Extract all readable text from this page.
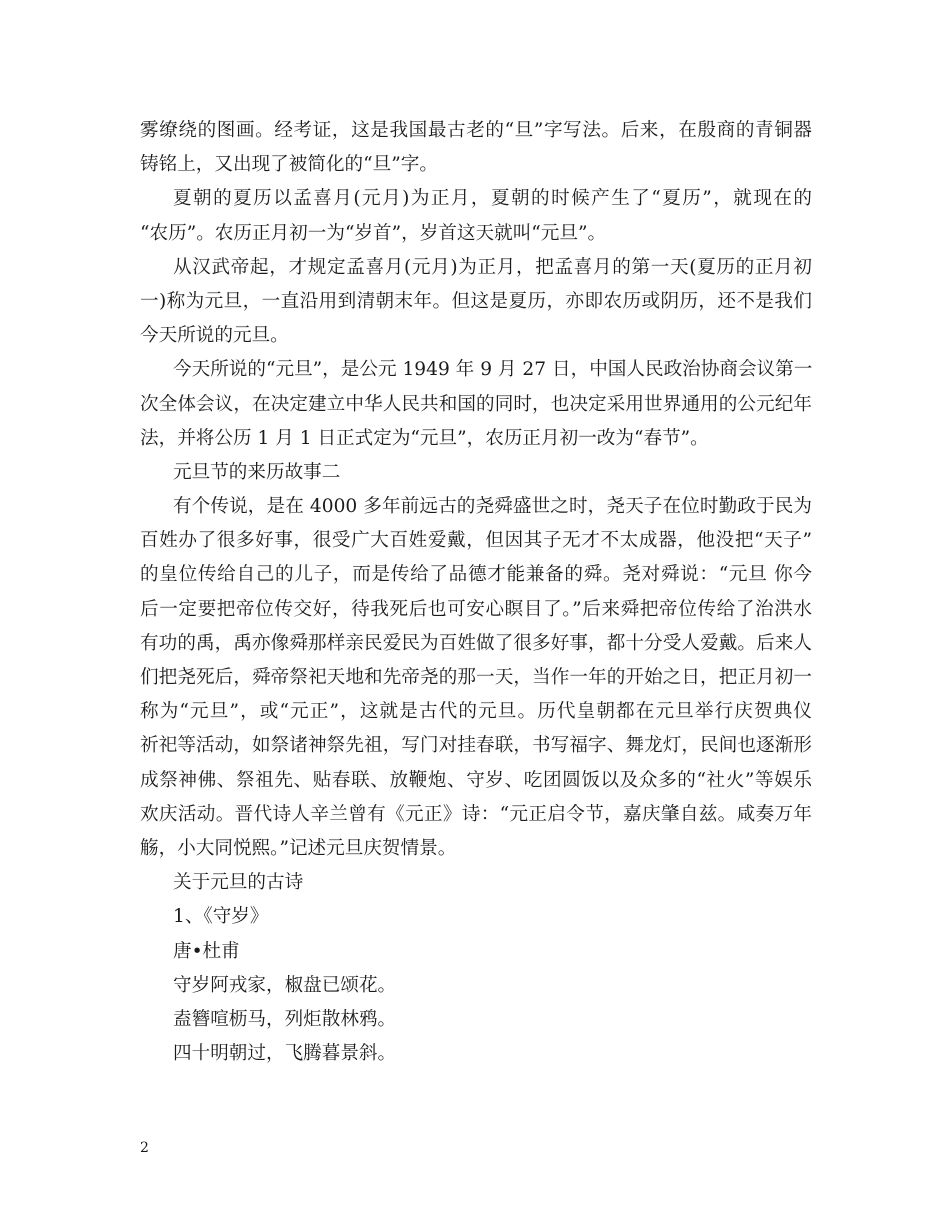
雾缭绕的图画。经考证，这是我国最古老的“旦”字写法。后来，在殷商的青铜器
铸铭上，又出现了被简化的“旦”字。
夏朝的夏历以孟喜月(元月)为正月，夏朝的时候产生了“夏历”，就现在的
“农历”。农历正月初一为“岁首”，岁首这天就叫“元旦”。
从汉武帝起，才规定孟喜月(元月)为正月，把孟喜月的第一天(夏历的正月初
一)称为元旦，一直沿用到清朝末年。但这是夏历，亦即农历或阴历，还不是我们
今天所说的元旦。
今天所说的“元旦”，是公元 1949 年 9 月 27 日，中国人民政治协商会议第一
次全体会议，在决定建立中华人民共和国的同时，也决定采用世界通用的公元纪年
法，并将公历 1 月 1 日正式定为“元旦”，农历正月初一改为“春节”。
元旦节的来历故事二
有个传说，是在 4000 多年前远古的尧舜盛世之时，尧天子在位时勤政于民为
百姓办了很多好事，很受广大百姓爱戴，但因其子无才不太成器，他没把“天子”
的皇位传给自己的儿子，而是传给了品德才能兼备的舜。尧对舜说：“元旦 你今
后一定要把帝位传交好，待我死后也可安心瞑目了。”后来舜把帝位传给了治洪水
有功的禹，禹亦像舜那样亲民爱民为百姓做了很多好事，都十分受人爱戴。后来人
们把尧死后，舜帝祭祀天地和先帝尧的那一天，当作一年的开始之日，把正月初一
称为“元旦”，或“元正”，这就是古代的元旦。历代皇朝都在元旦举行庆贺典仪
祈祀等活动，如祭诸神祭先祖，写门对挂春联，书写福字、舞龙灯，民间也逐渐形
成祭神佛、祭祖先、贴春联、放鞭炮、守岁、吃团圆饭以及众多的“社火”等娱乐
欢庆活动。晋代诗人辛兰曾有《元正》诗：“元正启令节，嘉庆肇自兹。咸奏万年
觞，小大同悦熙。”记述元旦庆贺情景。
关于元旦的古诗
1、《守岁》
唐•杜甫
守岁阿戎家，椒盘已颂花。
盍簪喧枥马，列炬散林鸦。
四十明朝过，飞腾暮景斜。
2
